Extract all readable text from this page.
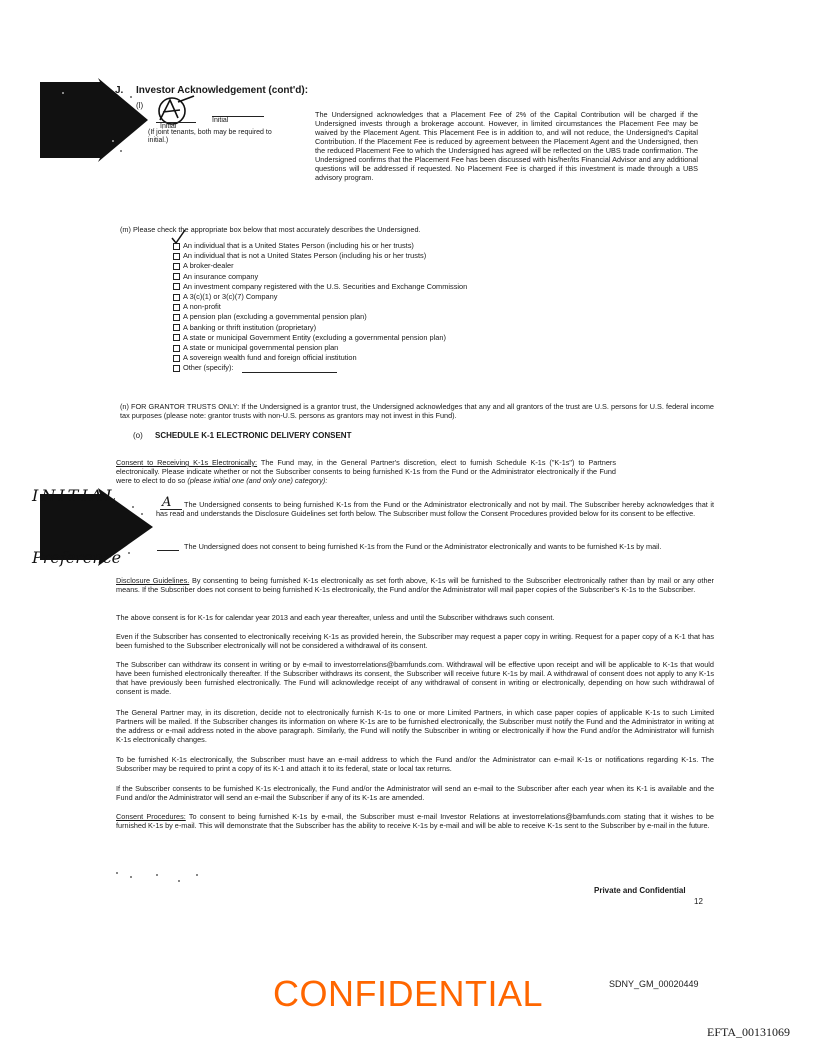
J. Investor Acknowledgement (cont'd):
(l)
Initial
Initial
(If joint tenants, both may be required to initial.)
The Undersigned acknowledges that a Placement Fee of 2% of the Capital Contribution will be charged if the Undersigned invests through a brokerage account. However, in limited circumstances the Placement Fee may be waived by the Placement Agent. This Placement Fee is in addition to, and will not reduce, the Undersigned's Capital Contribution. If the Placement Fee is reduced by agreement between the Placement Agent and the Undersigned, then the reduced Placement Fee to which the Undersigned has agreed will be reflected on the UBS trade confirmation. The Undersigned confirms that the Placement Fee has been discussed with his/her/its Financial Advisor and any additional questions will be addressed if requested. No Placement Fee is charged if this investment is made through a UBS advisory program.
(m) Please check the appropriate box below that most accurately describes the Undersigned.
An individual that is a United States Person (including his or her trusts)
An individual that is not a United States Person (including his or her trusts)
A broker-dealer
An insurance company
An investment company registered with the U.S. Securities and Exchange Commission
A 3(c)(1) or 3(c)(7) Company
A non-profit
A pension plan (excluding a governmental pension plan)
A banking or thrift institution (proprietary)
A state or municipal Government Entity (excluding a governmental pension plan)
A state or municipal governmental pension plan
A sovereign wealth fund and foreign official institution
Other (specify):
(n) FOR GRANTOR TRUSTS ONLY: If the Undersigned is a grantor trust, the Undersigned acknowledges that any and all grantors of the trust are U.S. persons for U.S. federal income tax purposes (please note: grantor trusts with non-U.S. persons as grantors may not invest in this Fund).
(o) SCHEDULE K-1 ELECTRONIC DELIVERY CONSENT
Consent to Receiving K-1s Electronically: The Fund may, in the General Partner's discretion, elect to furnish Schedule K-1s ("K-1s") to Partners electronically. Please indicate whether or not the Subscriber consents to being furnished K-1s from the Fund or the Administrator electronically if the Fund were to elect to do so (please initial one (and only one) category):
INITIAL
Preference
A	The Undersigned consents to being furnished K-1s from the Fund or the Administrator electronically and not by mail. The Subscriber hereby acknowledges that it has read and understands the Disclosure Guidelines set forth below. The Subscriber must follow the Consent Procedures provided below for its consent to be effective.
The Undersigned does not consent to being furnished K-1s from the Fund or the Administrator electronically and wants to be furnished K-1s by mail.
Disclosure Guidelines. By consenting to being furnished K-1s electronically as set forth above, K-1s will be furnished to the Subscriber electronically rather than by mail or any other means. If the Subscriber does not consent to being furnished K-1s electronically, the Fund and/or the Administrator will mail paper copies of the Subscriber's K-1s to the Subscriber.
The above consent is for K-1s for calendar year 2013 and each year thereafter, unless and until the Subscriber withdraws such consent.
Even if the Subscriber has consented to electronically receiving K-1s as provided herein, the Subscriber may request a paper copy in writing. Request for a paper copy of a K-1 that has been furnished to the Subscriber electronically will not be considered a withdrawal of its consent.
The Subscriber can withdraw its consent in writing or by e-mail to investorrelations@bamfunds.com. Withdrawal will be effective upon receipt and will be applicable to K-1s that would have been furnished electronically thereafter. If the Subscriber withdraws its consent, the Subscriber will receive future K-1s by mail. A withdrawal of consent does not apply to any K-1s that have previously been furnished electronically. The Fund will acknowledge receipt of any withdrawal of consent in writing or electronically, depending on how such withdrawal of consent is made.
The General Partner may, in its discretion, decide not to electronically furnish K-1s to one or more Limited Partners, in which case paper copies of applicable K-1s to such Limited Partners will be mailed. If the Subscriber changes its information on where K-1s are to be furnished electronically, the Subscriber must notify the Fund and the Administrator in writing at the address or e-mail address noted in the above paragraph. Similarly, the Fund will notify the Subscriber in writing or electronically if how the Fund and/or the Administrator will furnish K-1s electronically changes.
To be furnished K-1s electronically, the Subscriber must have an e-mail address to which the Fund and/or the Administrator can e-mail K-1s or notifications regarding K-1s. The Subscriber may be required to print a copy of its K-1 and attach it to its federal, state or local tax returns.
If the Subscriber consents to be furnished K-1s electronically, the Fund and/or the Administrator will send an e-mail to the Subscriber after each year when its K-1 is available and the Fund and/or the Administrator will send an e-mail the Subscriber if any of its K-1s are amended.
Consent Procedures: To consent to being furnished K-1s by e-mail, the Subscriber must e-mail Investor Relations at investorrelations@bamfunds.com stating that it wishes to be furnished K-1s by e-mail. This will demonstrate that the Subscriber has the ability to receive K-1s by e-mail and will be able to receive K-1s sent to the Subscriber by e-mail in the future.
Private and Confidential
12
CONFIDENTIAL	SDNY_GM_00020449
EFTA_00131069
